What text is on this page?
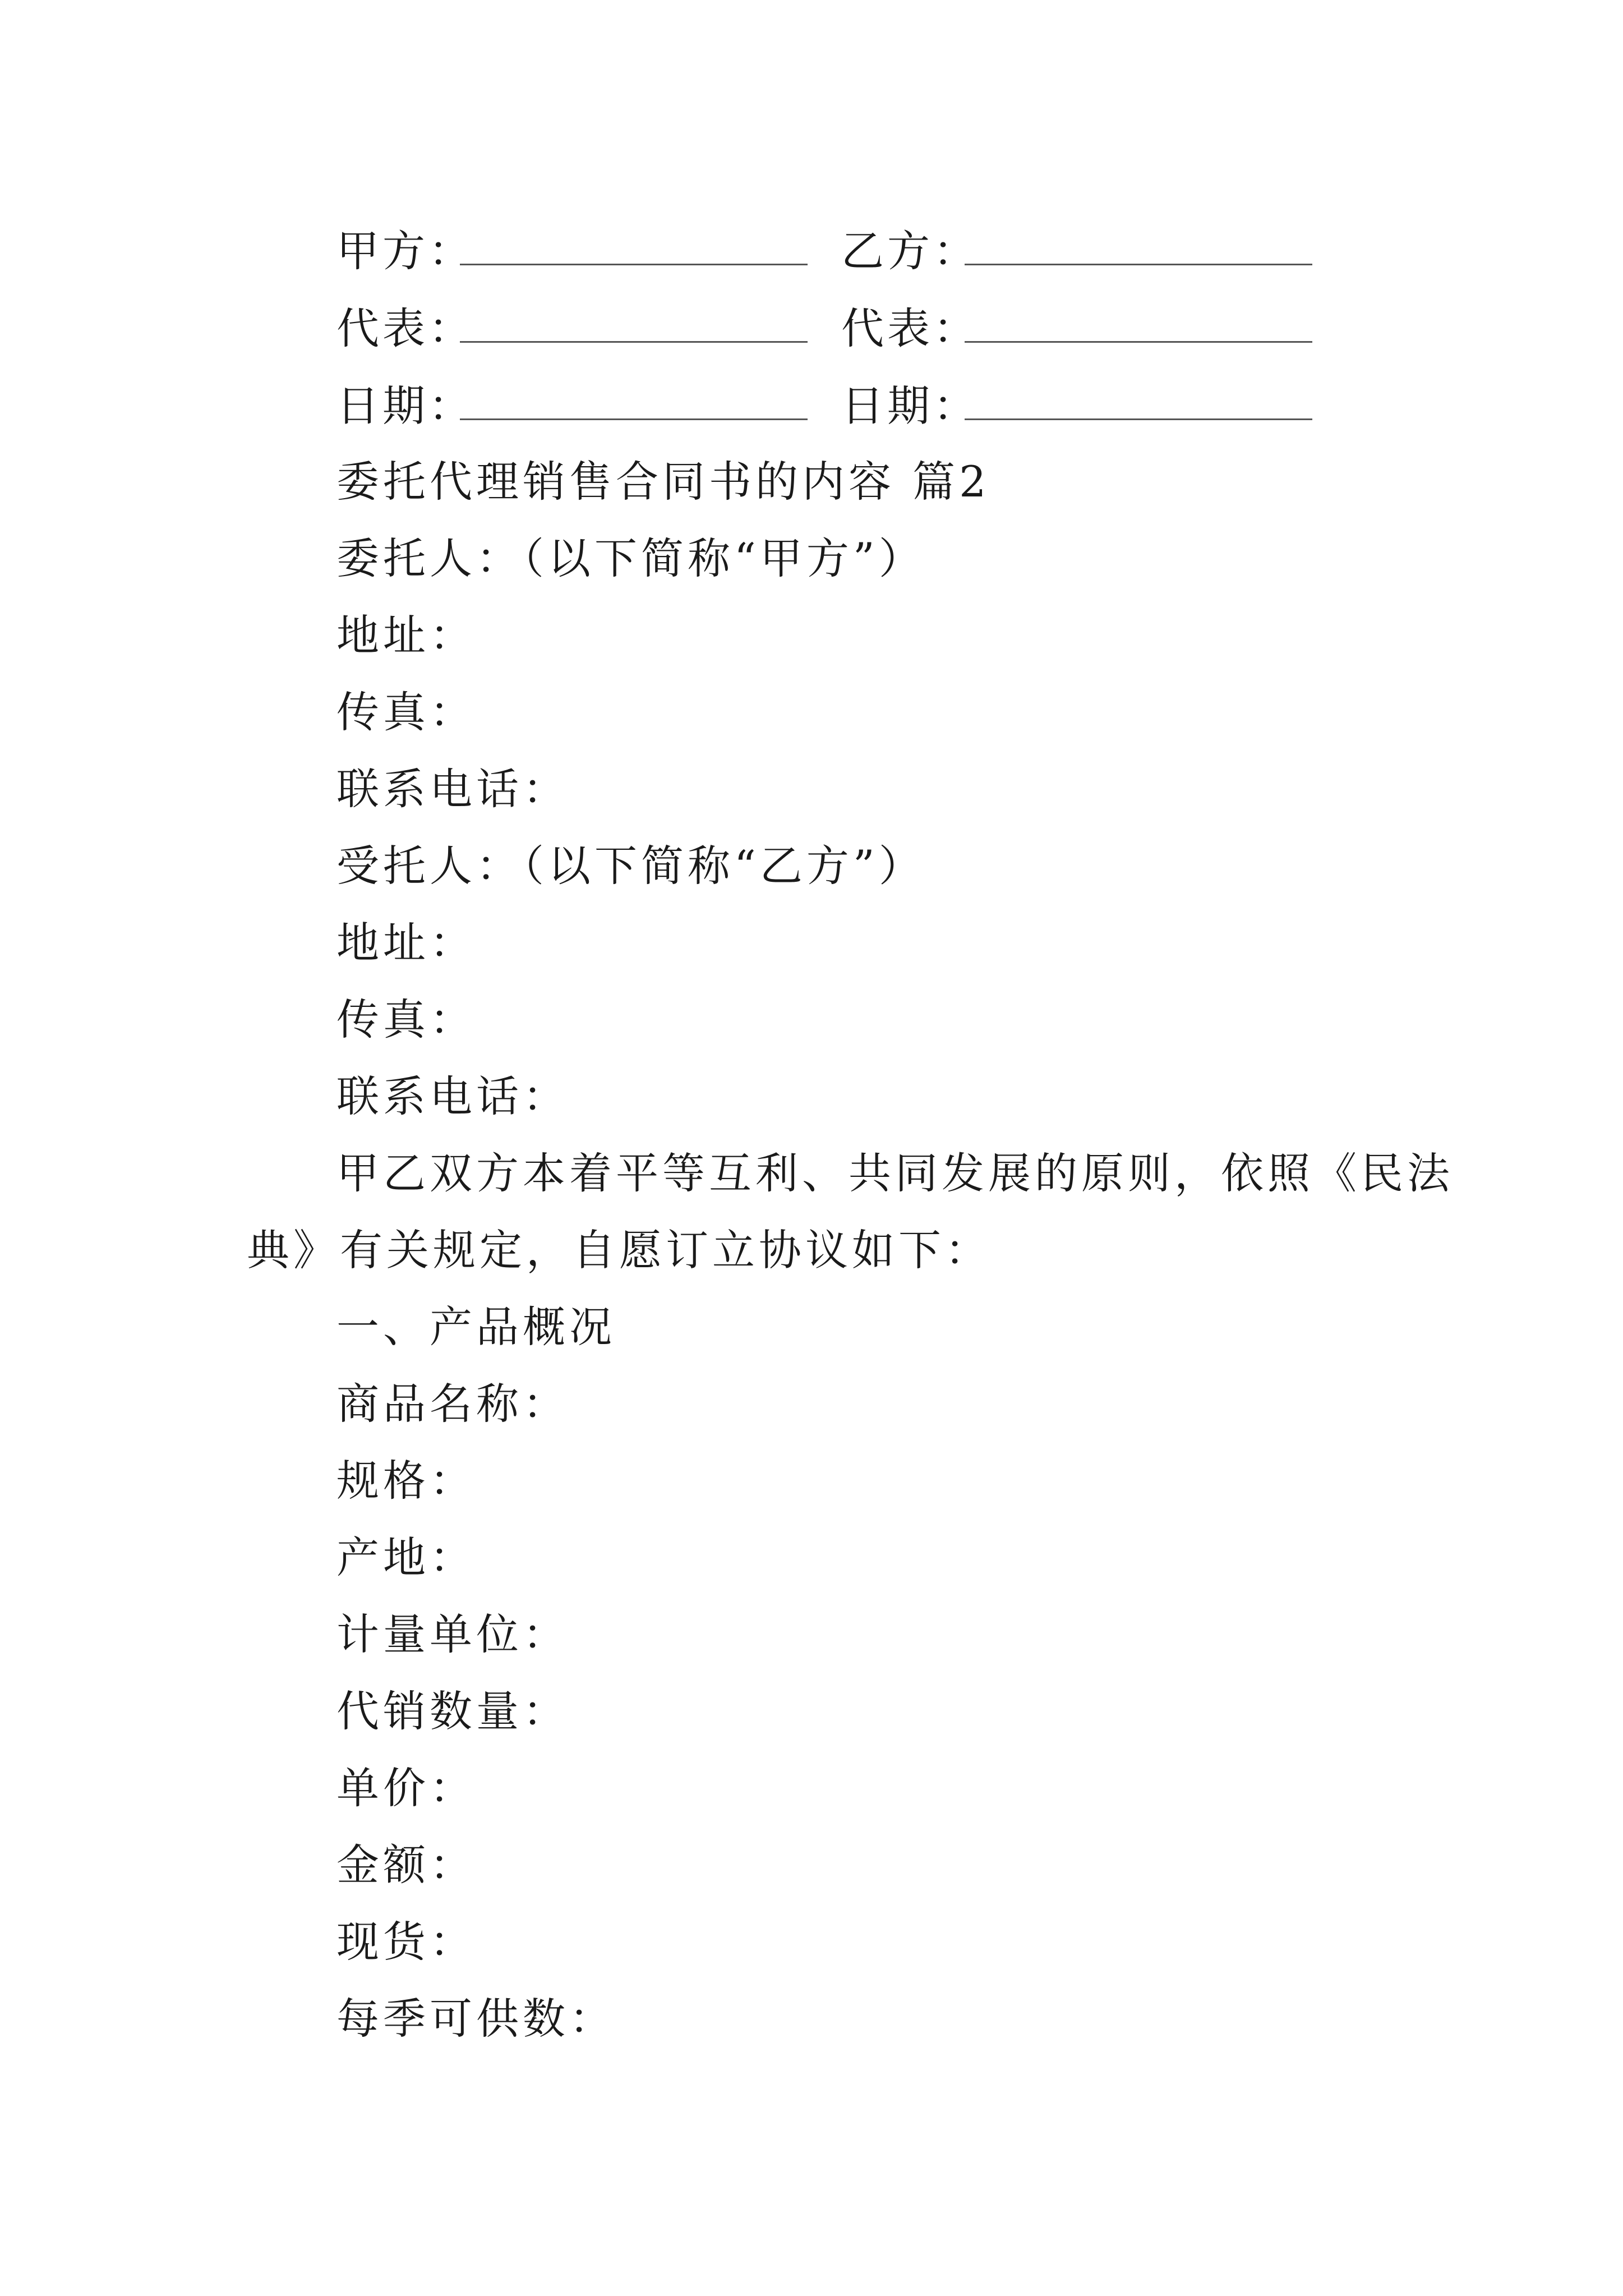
甲方：	乙方：
代表：	代表：
日期：	日期：
委托代理销售合同书的内容 篇2
委托人：（以下简称“甲方”）
地址：
传真：
联系电话：
受托人：（以下简称“乙方”）
地址：
传真：
联系电话：
甲乙双方本着平等互利、共同发展的原则，依照《民法
典》有关规定，自愿订立协议如下：
一、产品概况
商品名称：
规格：
产地：
计量单位：
代销数量：
单价：
金额：
现货：
每季可供数：
